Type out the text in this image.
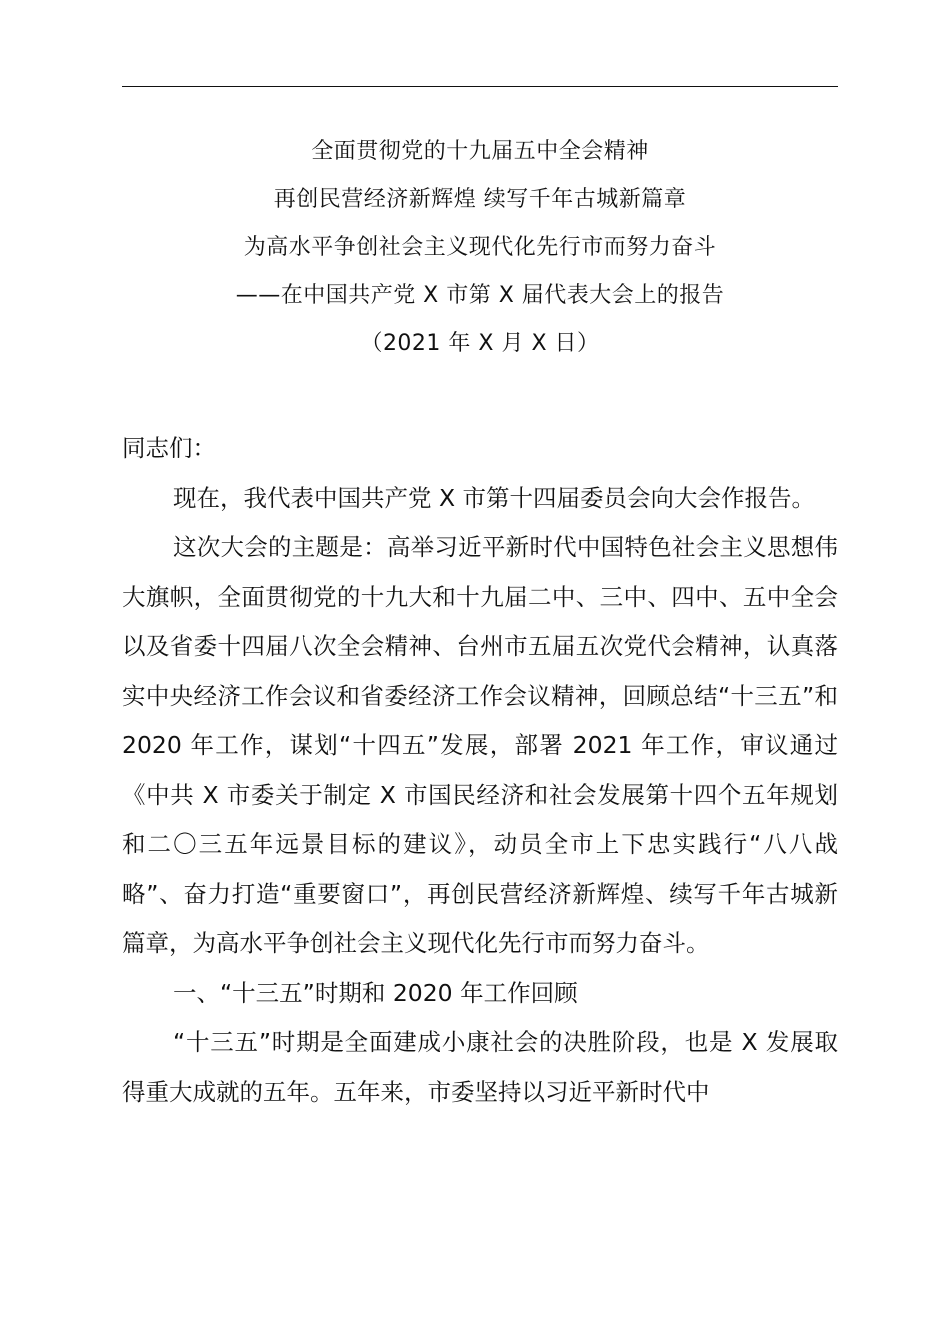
全面贯彻党的十九届五中全会精神
再创民营经济新辉煌 续写千年古城新篇章
为高水平争创社会主义现代化先行市而努力奋斗
——在中国共产党 X 市第 X 届代表大会上的报告
（2021 年 X 月 X 日）

同志们：

现在，我代表中国共产党 X 市第十四届委员会向大会作报告。

这次大会的主题是：高举习近平新时代中国特色社会主义思想伟大旗帜，全面贯彻党的十九大和十九届二中、三中、四中、五中全会以及省委十四届八次全会精神、台州市五届五次党代会精神，认真落实中央经济工作会议和省委经济工作会议精神，回顾总结“十三五”和 2020 年工作，谋划“十四五”发展，部署 2021 年工作，审议通过《中共 X 市委关于制定 X 市国民经济和社会发展第十四个五年规划和二〇三五年远景目标的建议》，动员全市上下忠实践行“八八战略”、奋力打造“重要窗口”，再创民营经济新辉煌、续写千年古城新篇章，为高水平争创社会主义现代化先行市而努力奋斗。

一、“十三五”时期和 2020 年工作回顾

“十三五”时期是全面建成小康社会的决胜阶段，也是 X 发展取得重大成就的五年。五年来，市委坚持以习近平新时代中
